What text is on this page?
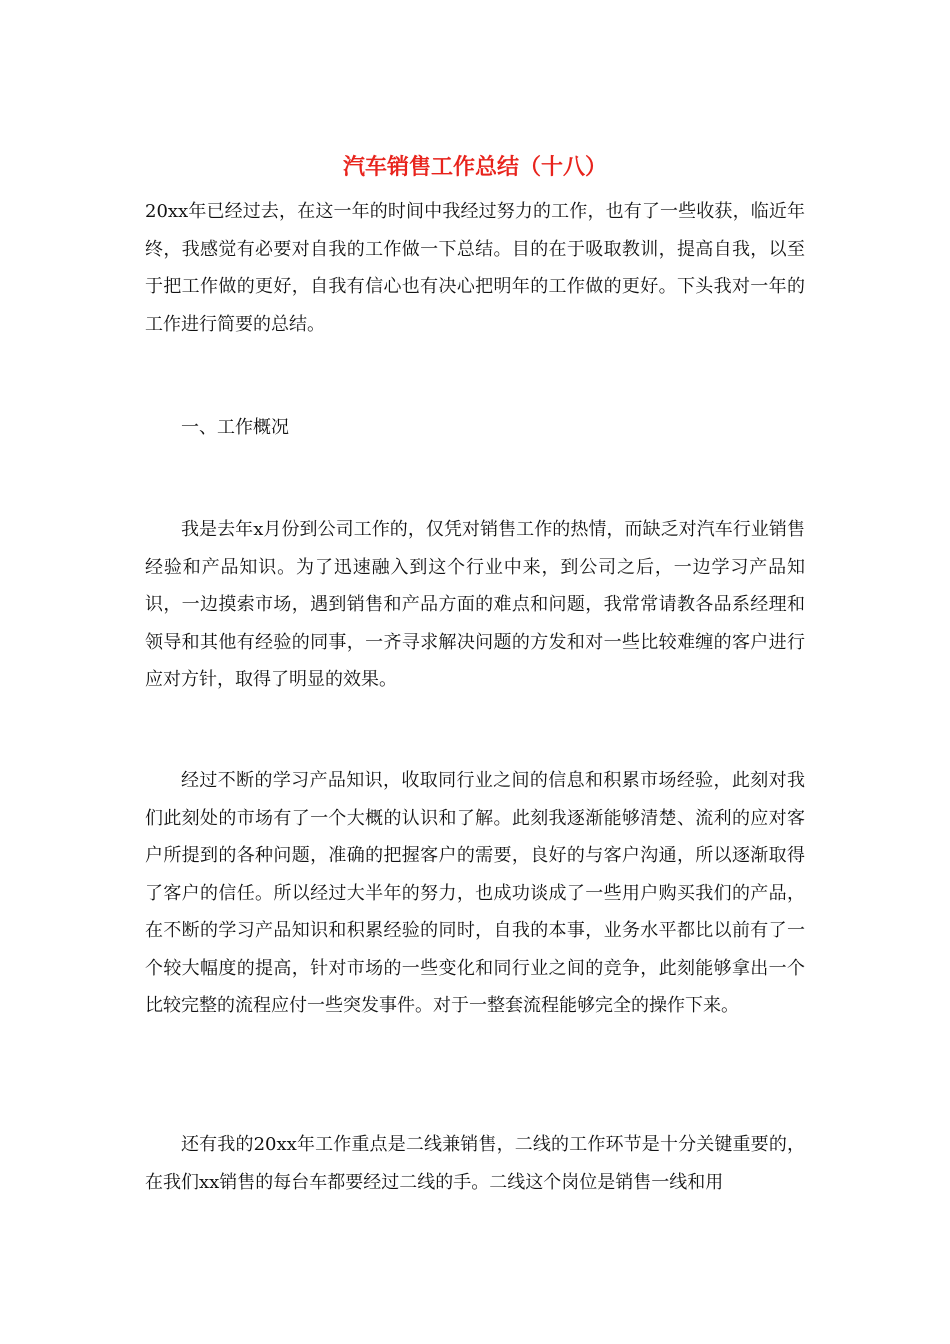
汽车销售工作总结（十八）

20xx年已经过去，在这一年的时间中我经过努力的工作，也有了一些收获，临近年终，我感觉有必要对自我的工作做一下总结。目的在于吸取教训，提高自我，以至于把工作做的更好，自我有信心也有决心把明年的工作做的更好。下头我对一年的工作进行简要的总结。

一、工作概况

我是去年x月份到公司工作的，仅凭对销售工作的热情，而缺乏对汽车行业销售经验和产品知识。为了迅速融入到这个行业中来，到公司之后，一边学习产品知识，一边摸索市场，遇到销售和产品方面的难点和问题，我常常请教各品系经理和领导和其他有经验的同事，一齐寻求解决问题的方发和对一些比较难缠的客户进行应对方针，取得了明显的效果。

经过不断的学习产品知识，收取同行业之间的信息和积累市场经验，此刻对我们此刻处的市场有了一个大概的认识和了解。此刻我逐渐能够清楚、流利的应对客户所提到的各种问题，准确的把握客户的需要，良好的与客户沟通，所以逐渐取得了客户的信任。所以经过大半年的努力，也成功谈成了一些用户购买我们的产品，在不断的学习产品知识和积累经验的同时，自我的本事，业务水平都比以前有了一个较大幅度的提高，针对市场的一些变化和同行业之间的竞争，此刻能够拿出一个比较完整的流程应付一些突发事件。对于一整套流程能够完全的操作下来。

还有我的20xx年工作重点是二线兼销售，二线的工作环节是十分关键重要的，在我们xx销售的每台车都要经过二线的手。二线这个岗位是销售一线和用
